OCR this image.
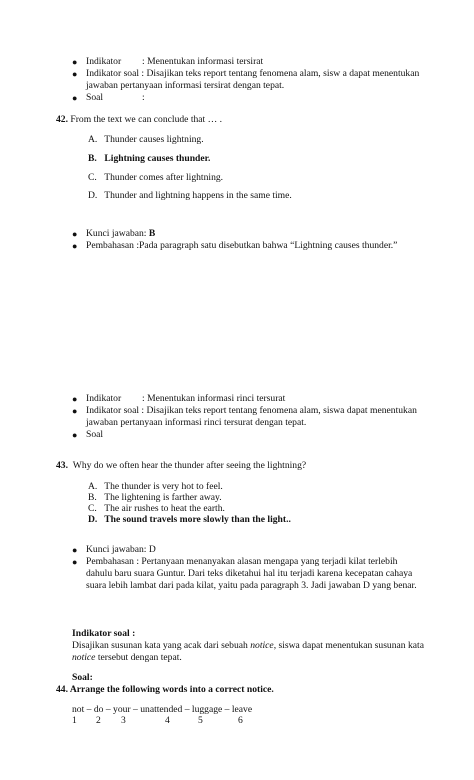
● Indikator : Menentukan informasi tersirat
● Indikator soal : Disajikan teks report tentang fenomena alam, sisw a dapat menentukan
jawaban pertanyaan informasi tersirat dengan tepat.
● Soal	:
42. From the text we can conclude that … .
A. Thunder causes lightning.
B. Lightning causes thunder.
C. Thunder comes after lightning.
D. Thunder and lightning happens in the same time.
● Kunci jawaban: B
● Pembahasan :Pada paragraph satu disebutkan bahwa “Lightning causes thunder.”
● Indikator : Menentukan informasi rinci tersurat
● Indikator soal : Disajikan teks report tentang fenomena alam, siswa dapat menentukan
jawaban pertanyaan informasi rinci tersurat dengan tepat.
● Soal
43. Why do we often hear the thunder after seeing the lightning?
A. The thunder is very hot to feel.
B. The lightening is farther away.
C. The air rushes to heat the earth.
D. The sound travels more slowly than the light..
● Kunci jawaban: D
● Pembahasan : Pertanyaan menanyakan alasan mengapa yang terjadi kilat terlebih
dahulu baru suara Guntur. Dari teks diketahui hal itu terjadi karena kecepatan cahaya
suara lebih lambat dari pada kilat, yaitu pada paragraph 3. Jadi jawaban D yang benar.
Indikator soal :
Disajikan susunan kata yang acak dari sebuah notice, siswa dapat menentukan susunan kata
notice tersebut dengan tepat.
Soal:
44. Arrange the following words into a correct notice.
not – do – your – unattended – luggage – leave
1 2 3	4	5	6
